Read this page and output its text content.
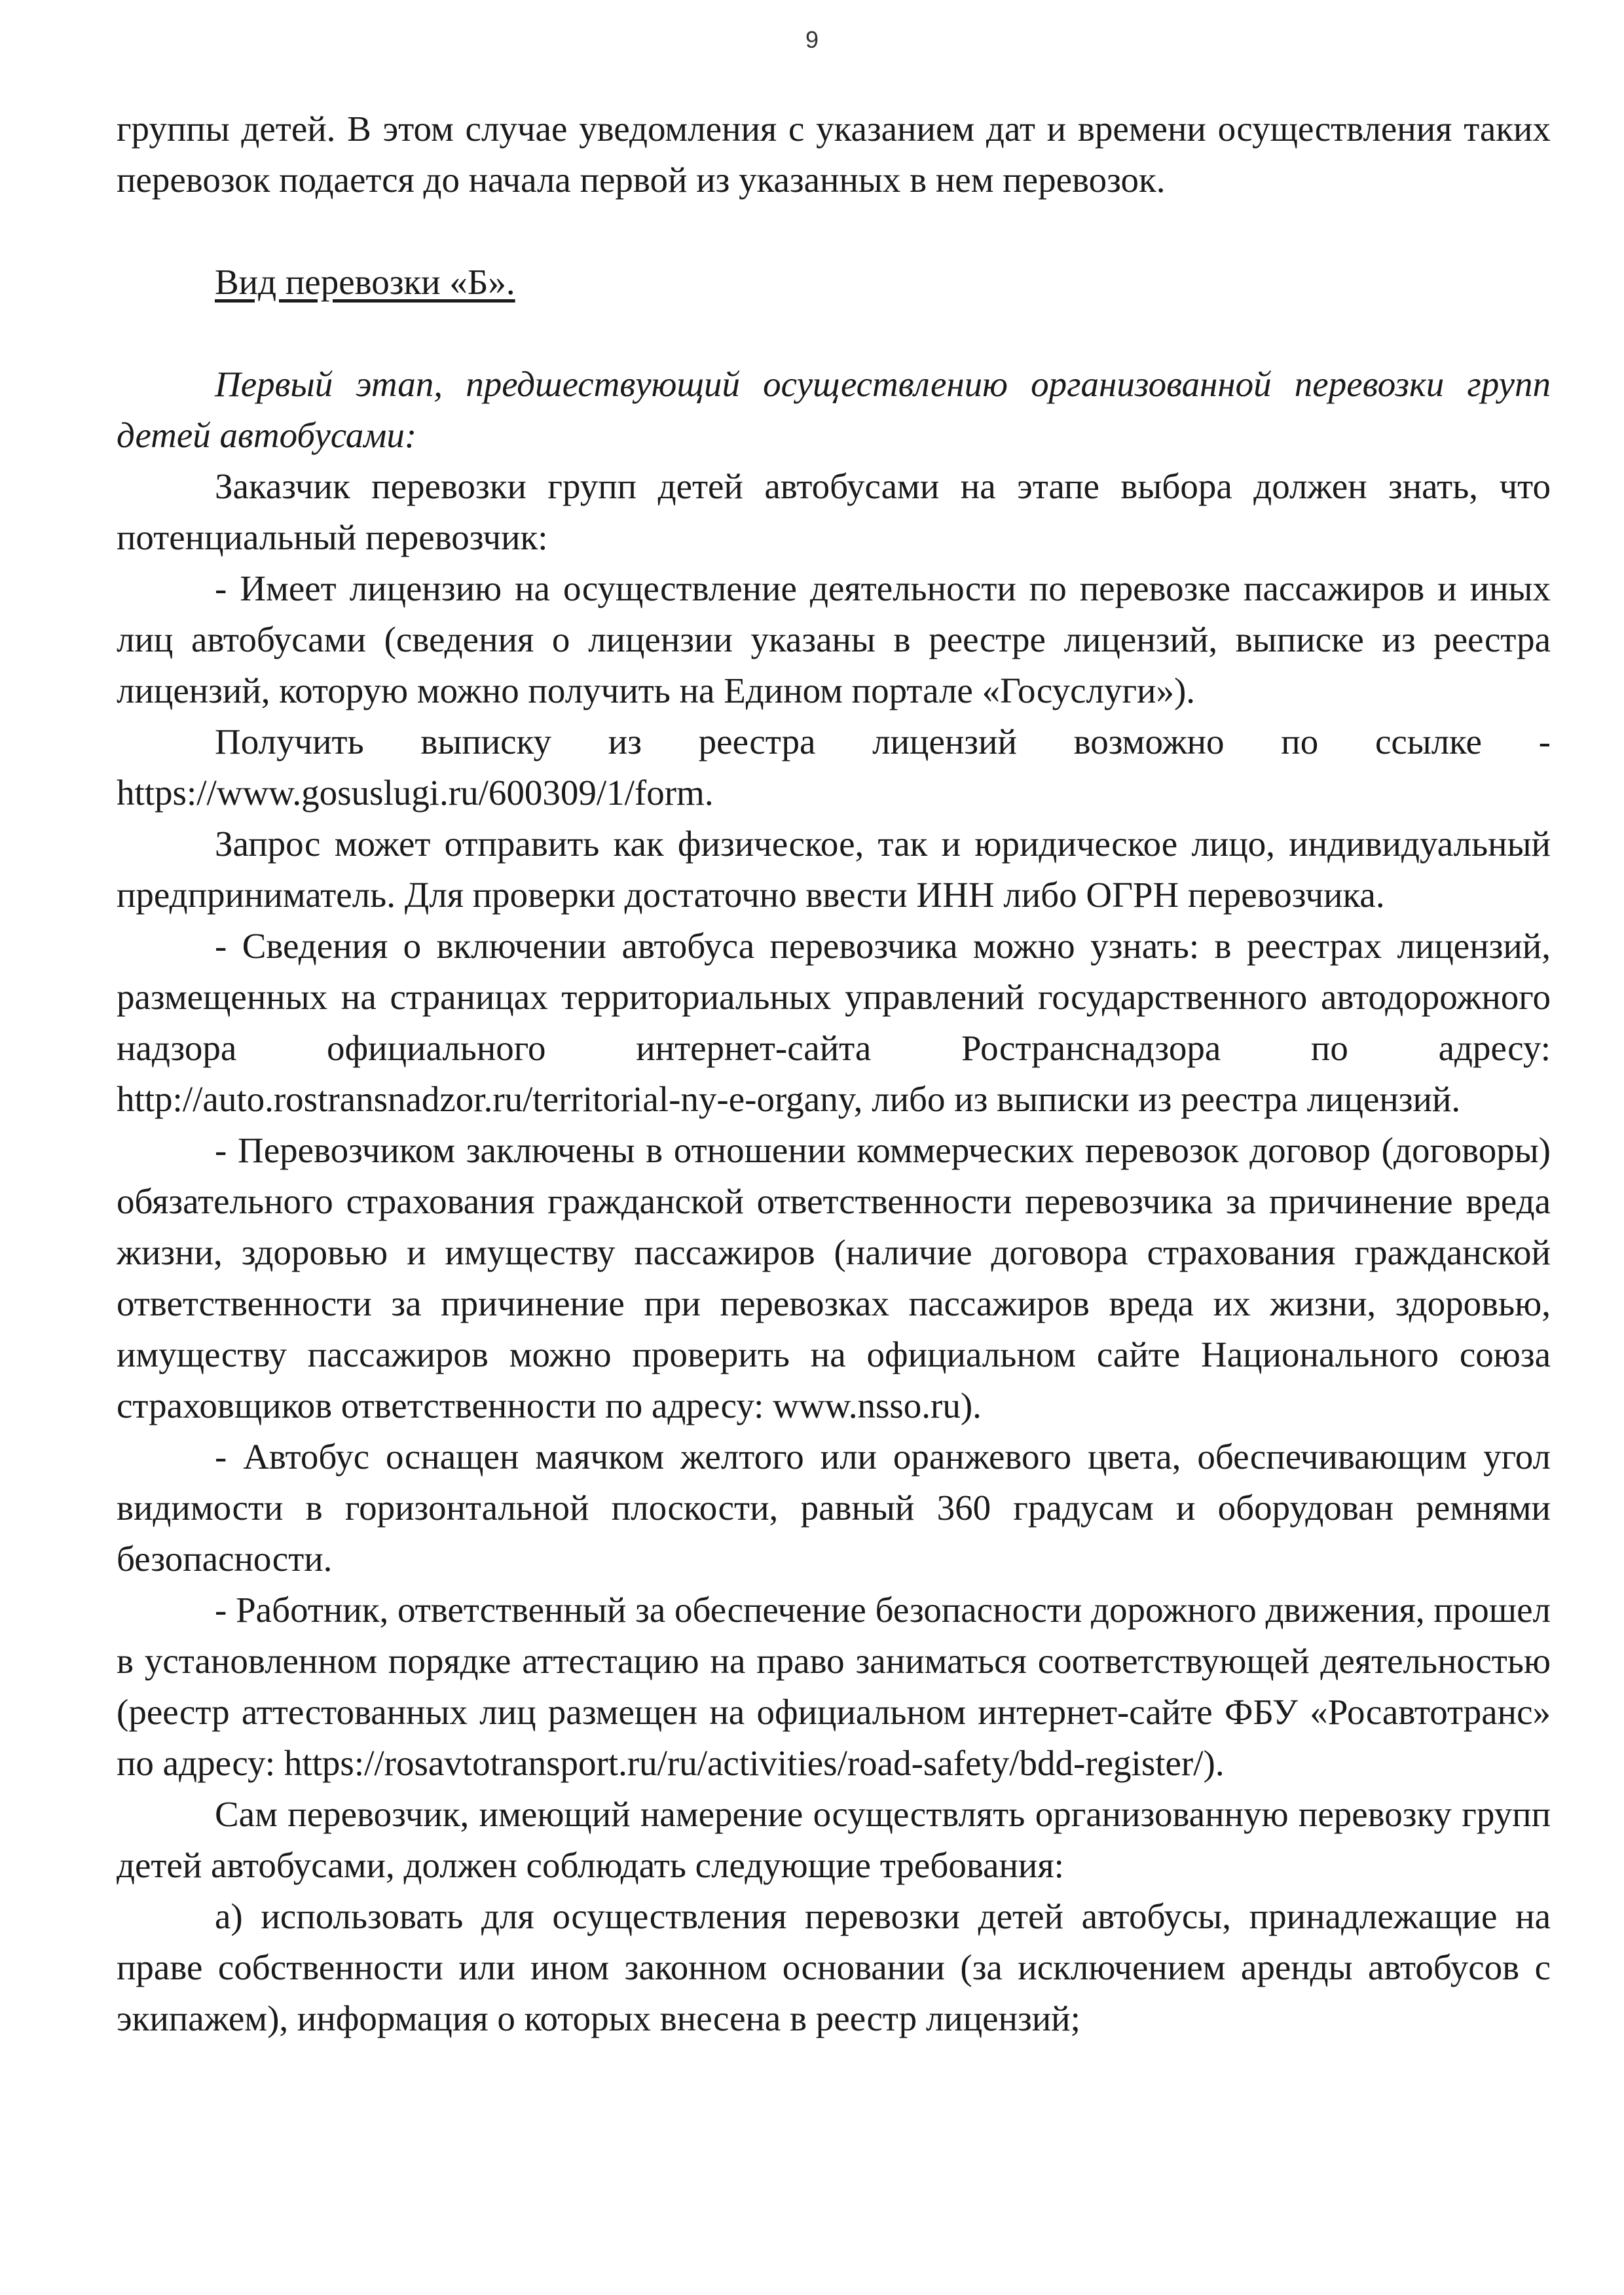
9

группы детей. В этом случае уведомления с указанием дат и времени осуществления таких перевозок подается до начала первой из указанных в нем перевозок.

Вид перевозки «Б».

Первый этап, предшествующий осуществлению организованной перевозки групп детей автобусами:

Заказчик перевозки групп детей автобусами на этапе выбора должен знать, что потенциальный перевозчик:

- Имеет лицензию на осуществление деятельности по перевозке пассажиров и иных лиц автобусами (сведения о лицензии указаны в реестре лицензий, выписке из реестра лицензий, которую можно получить на Едином портале «Госуслуги»).

Получить выписку из реестра лицензий возможно по ссылке - https://www.gosuslugi.ru/600309/1/form.

Запрос может отправить как физическое, так и юридическое лицо, индивидуальный предприниматель. Для проверки достаточно ввести ИНН либо ОГРН перевозчика.

- Сведения о включении автобуса перевозчика можно узнать: в реестрах лицензий, размещенных на страницах территориальных управлений государственного автодорожного надзора официального интернет-сайта Ространснадзора по адресу: http://auto.rostransnadzor.ru/territorial-ny-e-organy, либо из выписки из реестра лицензий.

- Перевозчиком заключены в отношении коммерческих перевозок договор (договоры) обязательного страхования гражданской ответственности перевозчика за причинение вреда жизни, здоровью и имуществу пассажиров (наличие договора страхования гражданской ответственности за причинение при перевозках пассажиров вреда их жизни, здоровью, имуществу пассажиров можно проверить на официальном сайте Национального союза страховщиков ответственности по адресу: www.nsso.ru).

- Автобус оснащен маячком желтого или оранжевого цвета, обеспечивающим угол видимости в горизонтальной плоскости, равный 360 градусам и оборудован ремнями безопасности.

- Работник, ответственный за обеспечение безопасности дорожного движения, прошел в установленном порядке аттестацию на право заниматься соответствующей деятельностью (реестр аттестованных лиц размещен на официальном интернет-сайте ФБУ «Росавтотранс» по адресу: https://rosavtotransport.ru/ru/activities/road-safety/bdd-register/).

Сам перевозчик, имеющий намерение осуществлять организованную перевозку групп детей автобусами, должен соблюдать следующие требования:

а) использовать для осуществления перевозки детей автобусы, принадлежащие на праве собственности или ином законном основании (за исключением аренды автобусов с экипажем), информация о которых внесена в реестр лицензий;
